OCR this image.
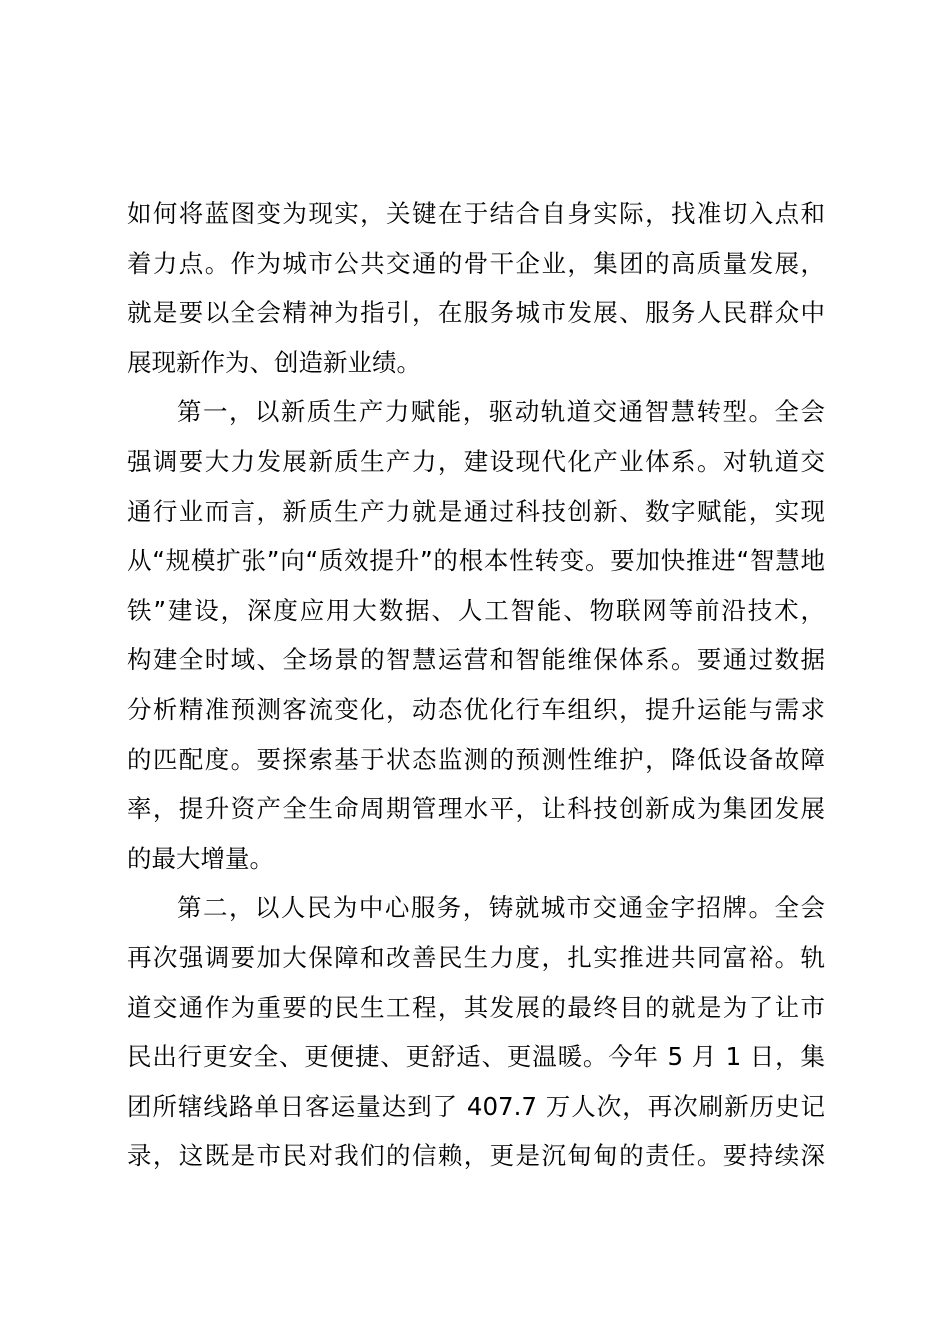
如何将蓝图变为现实，关键在于结合自身实际，找准切入点和
着力点。作为城市公共交通的骨干企业，集团的高质量发展，
就是要以全会精神为指引，在服务城市发展、服务人民群众中
展现新作为、创造新业绩。
第一，以新质生产力赋能，驱动轨道交通智慧转型。全会
强调要大力发展新质生产力，建设现代化产业体系。对轨道交
通行业而言，新质生产力就是通过科技创新、数字赋能，实现
从“规模扩张”向“质效提升”的根本性转变。要加快推进“智慧地
铁”建设，深度应用大数据、人工智能、物联网等前沿技术，
构建全时域、全场景的智慧运营和智能维保体系。要通过数据
分析精准预测客流变化，动态优化行车组织，提升运能与需求
的匹配度。要探索基于状态监测的预测性维护，降低设备故障
率，提升资产全生命周期管理水平，让科技创新成为集团发展
的最大增量。
第二，以人民为中心服务，铸就城市交通金字招牌。全会
再次强调要加大保障和改善民生力度，扎实推进共同富裕。轨
道交通作为重要的民生工程，其发展的最终目的就是为了让市
民出行更安全、更便捷、更舒适、更温暖。今年 5 月 1 日，集
团所辖线路单日客运量达到了 407.7 万人次，再次刷新历史记
录，这既是市民对我们的信赖，更是沉甸甸的责任。要持续深
